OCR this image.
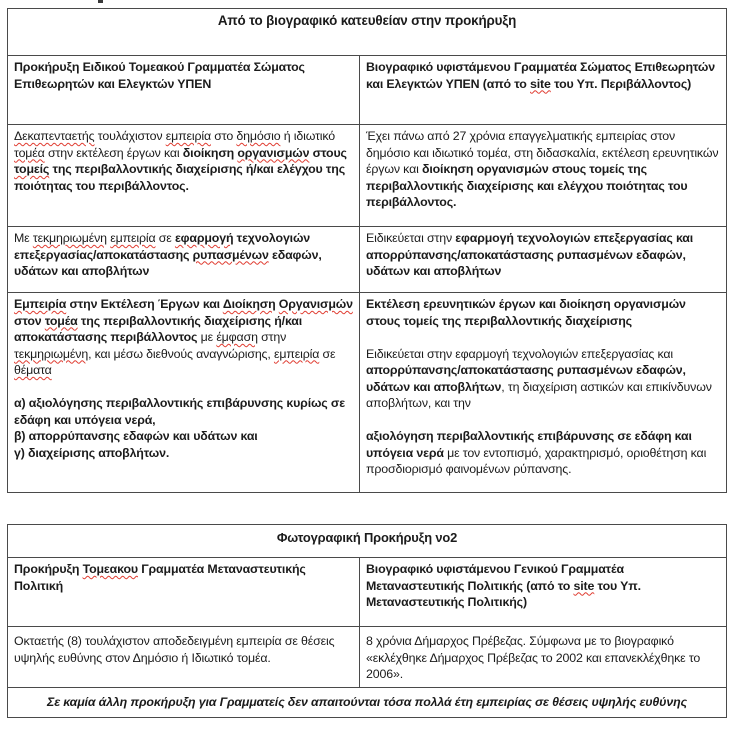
Από το βιογραφικό κατευθείαν στην προκήρυξη
Προκήρυξη Ειδικού Τομεακού Γραμματέα Σώματος Επιθεωρητών και Ελεγκτών ΥΠΕΝ
Βιογραφικό υφιστάμενου Γραμματέα Σώματος Επιθεωρητών και Ελεγκτών ΥΠΕΝ (από το site του Υπ. Περιβάλλοντος)
Δεκαπενταετής τουλάχιστον εμπειρία στο δημόσιο ή ιδιωτικό τομέα στην εκτέλεση έργων και διοίκηση οργανισμών στους τομείς της περιβαλλοντικής διαχείρισης ή/και ελέγχου της ποιότητας του περιβάλλοντος.
Έχει πάνω από 27 χρόνια επαγγελματικής εμπειρίας στον δημόσιο και ιδιωτικό τομέα, στη διδασκαλία, εκτέλεση ερευνητικών έργων και διοίκηση οργανισμών στους τομείς της περιβαλλοντικής διαχείρισης και ελέγχου ποιότητας του περιβάλλοντος.
Με τεκμηριωμένη εμπειρία σε εφαρμογή τεχνολογιών επεξεργασίας/αποκατάστασης ρυπασμένων εδαφών, υδάτων και αποβλήτων
Ειδικεύεται στην εφαρμογή τεχνολογιών επεξεργασίας και απορρύπανσης/αποκατάστασης ρυπασμένων εδαφών, υδάτων και αποβλήτων
Εμπειρία στην Εκτέλεση Έργων και Διοίκηση Οργανισμών στον τομέα της περιβαλλοντικής διαχείρισης ή/και αποκατάστασης περιβάλλοντος με έμφαση στην τεκμηριωμένη, και μέσω διεθνούς αναγνώρισης, εμπειρία σε θέματα
α) αξιολόγησης περιβαλλοντικής επιβάρυνσης κυρίως σε εδάφη και υπόγεια νερά,
β) απορρύπανσης εδαφών και υδάτων και
γ) διαχείρισης αποβλήτων.
Εκτέλεση ερευνητικών έργων και διοίκηση οργανισμών στους τομείς της περιβαλλοντικής διαχείρισης
Ειδικεύεται στην εφαρμογή τεχνολογιών επεξεργασίας και απορρύπανσης/αποκατάστασης ρυπασμένων εδαφών, υδάτων και αποβλήτων, τη διαχείριση αστικών και επικίνδυνων αποβλήτων, και την
αξιολόγηση περιβαλλοντικής επιβάρυνσης σε εδάφη και υπόγεια νερά με τον εντοπισμό, χαρακτηρισμό, οριοθέτηση και προσδιορισμό φαινομένων ρύπανσης.
Φωτογραφική Προκήρυξη νο2
Προκήρυξη Τομεακου Γραμματέα Μεταναστευτικής Πολιτική
Βιογραφικό υφιστάμενου Γενικού Γραμματέα Μεταναστευτικής Πολιτικής (από το site του Υπ. Μεταναστευτικής Πολιτικής)
Οκταετής (8) τουλάχιστον αποδεδειγμένη εμπειρία σε θέσεις υψηλής ευθύνης στον Δημόσιο ή Ιδιωτικό τομέα.
8 χρόνια Δήμαρχος Πρέβεζας. Σύμφωνα με το βιογραφικό «εκλέχθηκε Δήμαρχος Πρέβεζας το 2002 και επανεκλέχθηκε το 2006».
Σε καμία άλλη προκήρυξη για Γραμματείς δεν απαιτούνται τόσα πολλά έτη εμπειρίας σε θέσεις υψηλής ευθύνης
